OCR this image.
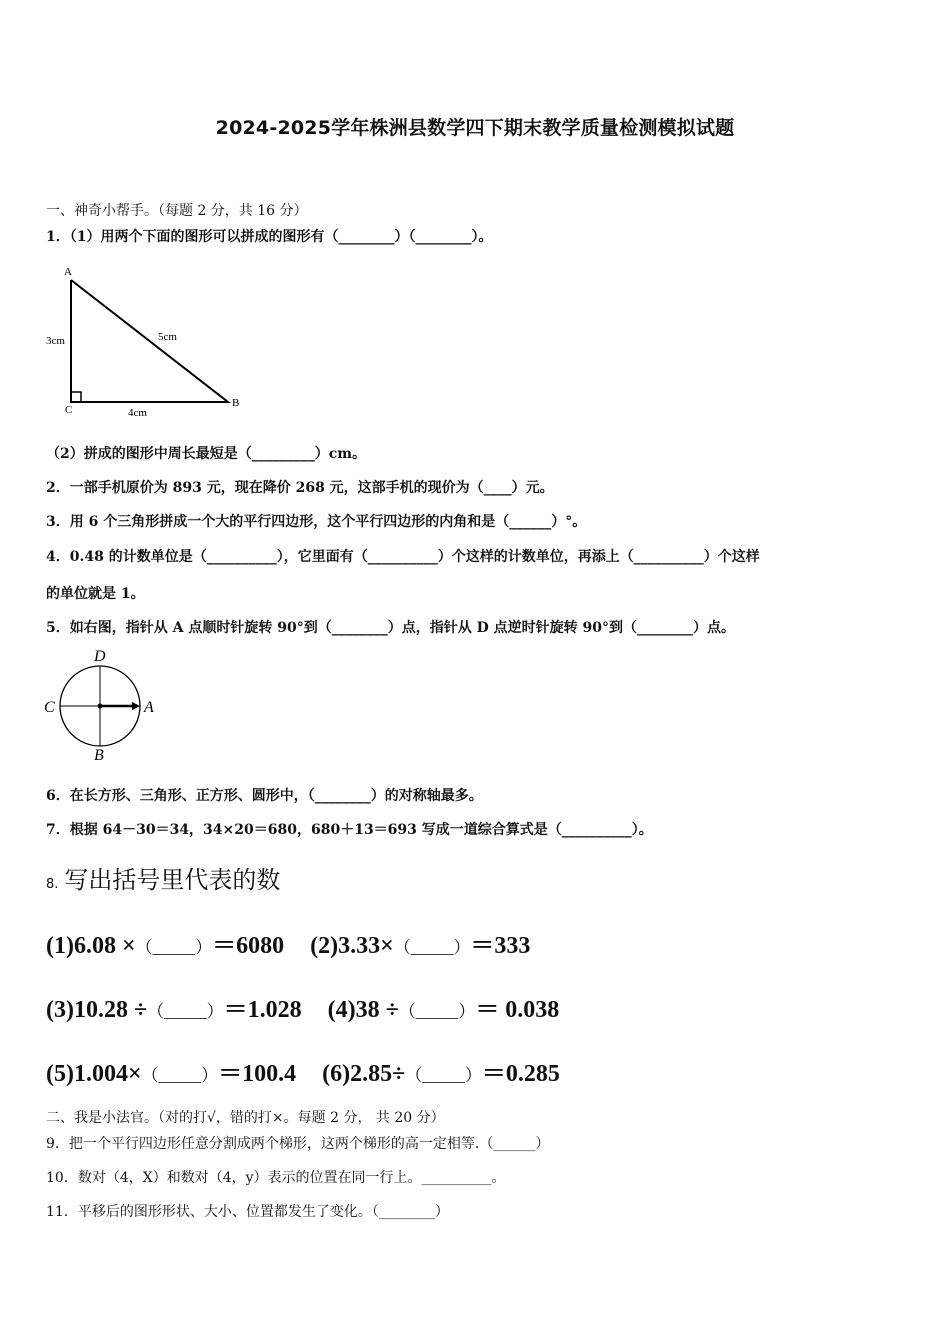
2024-2025学年株洲县数学四下期末教学质量检测模拟试题
一、神奇小帮手。（每题 2 分，共 16 分）
1．（1）用两个下面的图形可以拼成的图形有（________）（________）。
A
B
C
3cm	5cm
4cm
（2）拼成的图形中周长最短是（_________）cm。
2．一部手机原价为 893 元，现在降价 268 元，这部手机的现价为（____）元。
3．用 6 个三角形拼成一个大的平行四边形，这个平行四边形的内角和是（______）°。
4．0.48 的计数单位是（__________），它里面有（__________）个这样的计数单位，再添上（__________）个这样
的单位就是 1。
5．如右图，指针从 A 点顺时针旋转 90°到（________）点，指针从 D 点逆时针旋转 90°到（________）点。
D
C	A
B
6．在长方形、三角形、正方形、圆形中，（________）的对称轴最多。
7．根据 64－30＝34，34×20＝680，680＋13＝693 写成一道综合算式是（__________）。
8. 写出括号里代表的数
(1)6.08 ×（_____）＝6080 (2)3.33×（_____）＝333
(3)10.28 ÷（_____）＝1.028 (4)38 ÷（_____）＝ 0.038
(5)1.004×（_____）＝100.4 (6)2.85÷（_____）＝0.285
二、我是小法官。（对的打√，错的打×。每题 2 分， 共 20 分）
9．把一个平行四边形任意分割成两个梯形，这两个梯形的高一定相等.（______）
10．数对（4，X）和数对（4，y）表示的位置在同一行上。__________。
11．平移后的图形形状、大小、位置都发生了变化。（________）
